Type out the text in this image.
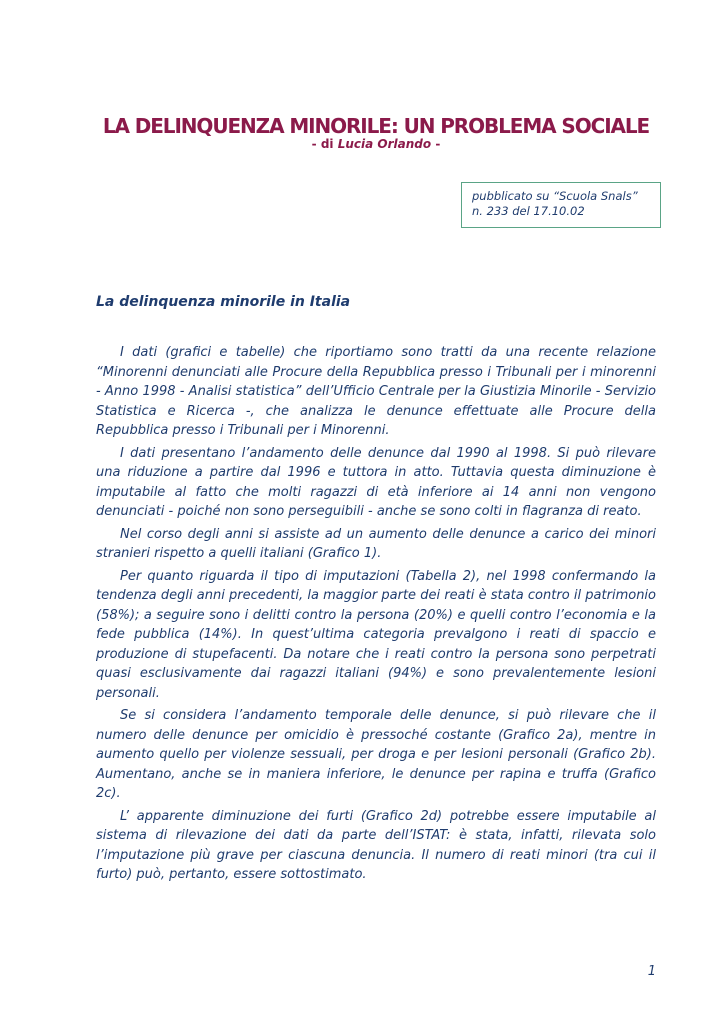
LA DELINQUENZA MINORILE: UN PROBLEMA SOCIALE
- di Lucia Orlando -
pubblicato su “Scuola Snals”
n. 233 del 17.10.02
La delinquenza minorile in Italia

I dati (grafici e tabelle) che riportiamo sono tratti da una recente relazione “Minorenni denunciati alle Procure della Repubblica presso i Tribunali per i minorenni - Anno 1998 - Analisi statistica” dell’Ufficio Centrale per la Giustizia Minorile - Servizio Statistica e Ricerca -, che analizza le denunce effettuate alle Procure della Repubblica presso i Tribunali per i Minorenni.

I dati presentano l’andamento delle denunce dal 1990 al 1998. Si può rilevare una riduzione a partire dal 1996 e tuttora in atto. Tuttavia questa diminuzione è imputabile al fatto che molti ragazzi di età inferiore ai 14 anni non vengono denunciati - poiché non sono perseguibili - anche se sono colti in flagranza di reato.

Nel corso degli anni si assiste ad un aumento delle denunce a carico dei minori stranieri rispetto a quelli italiani (Grafico 1).

Per quanto riguarda il tipo di imputazioni (Tabella 2), nel 1998 confermando la tendenza degli anni precedenti, la maggior parte dei reati è stata contro il patrimonio (58%); a seguire sono i delitti contro la persona (20%) e quelli contro l’economia e la fede pubblica (14%). In quest’ultima categoria prevalgono i reati di spaccio e produzione di stupefacenti. Da notare che i reati contro la persona sono perpetrati quasi esclusivamente dai ragazzi italiani (94%) e sono prevalentemente lesioni personali.

Se si considera l’andamento temporale delle denunce, si può rilevare che il numero delle denunce per omicidio è pressoché costante (Grafico 2a), mentre in aumento quello per violenze sessuali, per droga e per lesioni personali (Grafico 2b). Aumentano, anche se in maniera inferiore, le denunce per rapina e truffa (Grafico 2c).

L’ apparente diminuzione dei furti (Grafico 2d) potrebbe essere imputabile al sistema di rilevazione dei dati da parte dell’ISTAT: è stata, infatti, rilevata solo l’imputazione più grave per ciascuna denuncia. Il numero di reati minori (tra cui il furto) può, pertanto, essere sottostimato.

1
